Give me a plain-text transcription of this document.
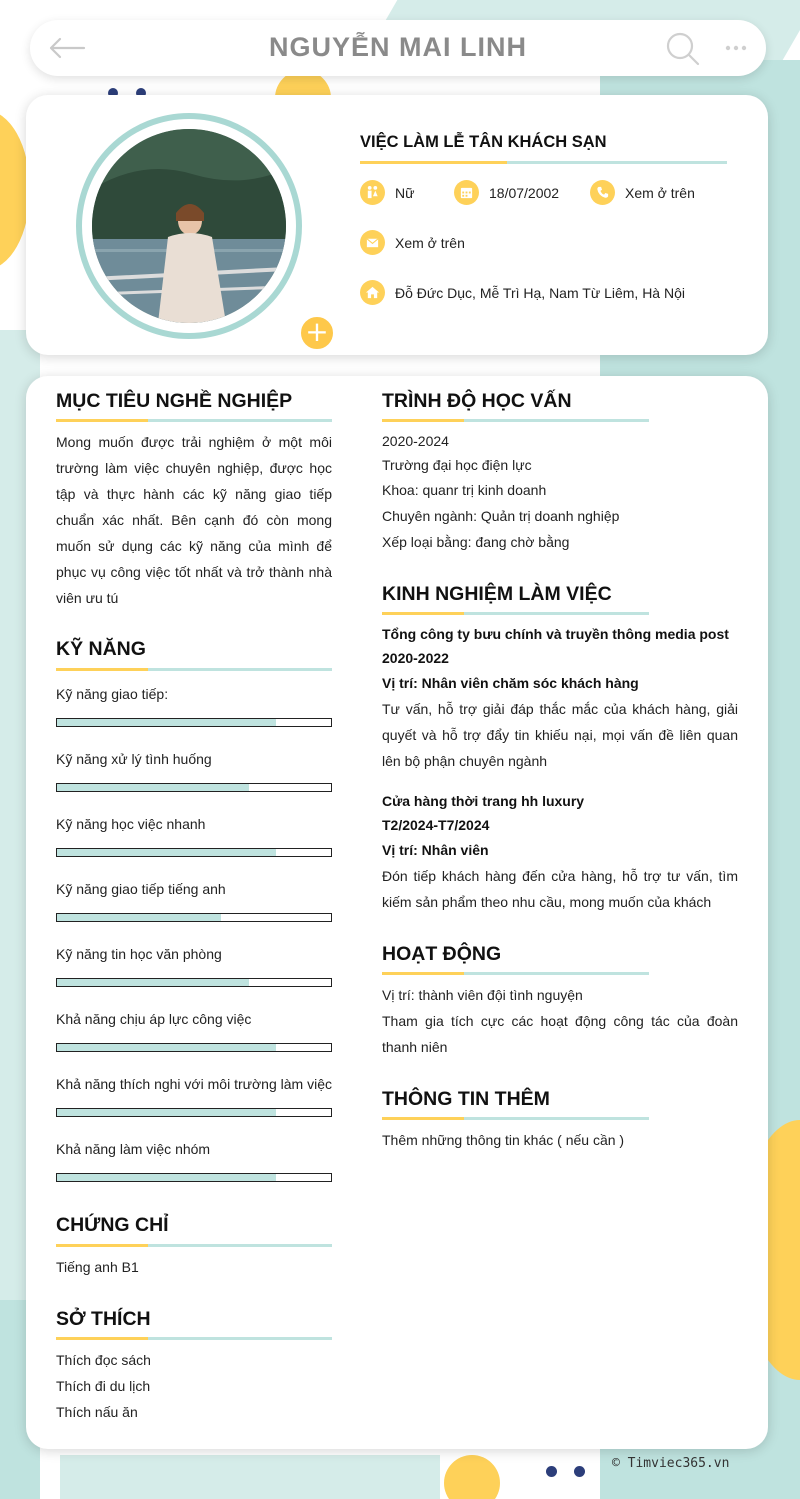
NGUYỄN MAI LINH
+
VIỆC LÀM LỄ TÂN KHÁCH SẠN
Nữ	18/07/2002	Xem ở trên
Xem ở trên
Đỗ Đức Dục, Mễ Trì Hạ, Nam Từ Liêm, Hà Nội
MỤC TIÊU NGHỀ NGHIỆP
Mong muốn được trải nghiệm ở một môi trường làm việc chuyên nghiệp, được học tập và thực hành các kỹ năng giao tiếp chuẩn xác nhất. Bên cạnh đó còn mong muốn sử dụng các kỹ năng của mình để phục vụ công việc tốt nhất và trở thành nhà viên ưu tú
KỸ NĂNG
Kỹ năng giao tiếp:
Kỹ năng xử lý tình huống
Kỹ năng học việc nhanh
Kỹ năng giao tiếp tiếng anh
Kỹ năng tin học văn phòng
Khả năng chịu áp lực công việc
Khả năng thích nghi với môi trường làm việc
Khả năng làm việc nhóm
CHỨNG CHỈ
Tiếng anh B1
SỞ THÍCH
Thích đọc sách
Thích đi du lịch
Thích nấu ăn
TRÌNH ĐỘ HỌC VẤN
2020-2024
Trường đại học điện lực
Khoa: quanr trị kinh doanh
Chuyên ngành: Quản trị doanh nghiệp
Xếp loại bằng: đang chờ bằng
KINH NGHIỆM LÀM VIỆC
Tổng công ty bưu chính và truyền thông media post
2020-2022
Vị trí: Nhân viên chăm sóc khách hàng
Tư vấn, hỗ trợ giải đáp thắc mắc của khách hàng, giải quyết và hỗ trợ đẩy tin khiếu nại, mọi vấn đề liên quan lên bộ phận chuyên ngành
Cửa hàng thời trang hh luxury
T2/2024-T7/2024
Vị trí: Nhân viên
Đón tiếp khách hàng đến cửa hàng, hỗ trợ tư vấn, tìm kiếm sản phẩm theo nhu cầu, mong muốn của khách
HOẠT ĐỘNG
Vị trí: thành viên đội tình nguyện
Tham gia tích cực các hoạt động công tác của đoàn thanh niên
THÔNG TIN THÊM
Thêm những thông tin khác ( nếu cần )
© Timviec365.vn
